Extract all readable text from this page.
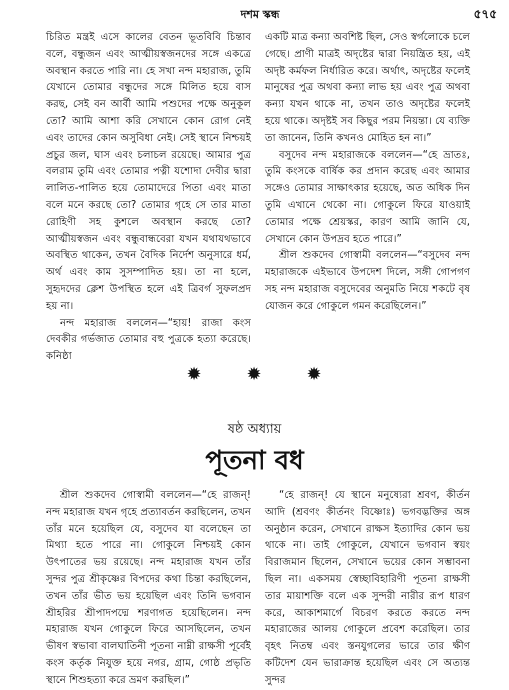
দশম স্কন্ধ	৫৭৫

চিরিত মন্ত্রই এসে কালের বেতন ভূতবিবি চিন্তাব বলে, বন্ধুজন এবং আত্মীয়স্বজনদের সঙ্গে একত্রে অবস্থান করতে পারি না। হে সখা নন্দ মহারাজ, তুমি যেখানে তোমার বন্ধুদের সঙ্গে মিলিত হয়ে বাস করছ, সেই বন আর্বী আমি পশুদের পক্ষে অনুকূল তো? আমি আশা করি সেখানে কোন রোগ নেই এবং তাদের কোন অসুবিধা নেই। সেই স্থানে নিশ্চয়ই প্রচুর জল, ঘাস এবং চলাচল রয়েছে। আমার পুত্র বলরাম তুমি এবং তোমার পত্নী যশোদা দেবীর দ্বারা লালিত-পালিত হয়ে তোমাদেরে পিতা এবং মাতা বলে মনে করছে তো? তোমার গৃহে সে তার মাতা রোহিণী সহ কুশলে অবস্থান করছে তো? আত্মীয়স্বজন এবং বন্ধুবান্ধবেরা যখন যথাযথভাবে অবস্থিত থাকেন, তখন বৈদিক নির্দেশ অনুসারে ধর্ম, অর্থ এবং কাম সুসম্পাদিত হয়। তা না হলে, সুহৃদদের ক্লেশ উপস্থিত হলে এই ত্রিবর্গ সুফলপ্রদ হয় না।

নন্দ মহারাজ বললেন—“হায়! রাজা কংস দেবকীর গর্ভজাত তোমার বহু পুত্রকে হত্যা করেছে। কনিষ্ঠা

একটি মাত্র কন্যা অবশিষ্ট ছিল, সেও স্বর্গলোকে চলে গেছে। প্রাণী মাত্রই অদৃষ্টের দ্বারা নিয়ন্ত্রিত হয়, এই অদৃষ্ট কর্মফল নির্ধারিত করে। অর্থাৎ, অদৃষ্টের ফলেই মানুষের পুত্র অথবা কন্যা লাভ হয় এবং পুত্র অথবা কন্যা যখন থাকে না, তখন তাও অদৃষ্টের ফলেই হয়ে থাকে। অদৃষ্টই সব কিছুর পরম নিয়ন্তা। যে ব্যক্তি তা জানেন, তিনি কখনও মোহিত হন না।”

বসুদেব নন্দ মহারাজকে বললেন—“হে ভ্রাতঃ, তুমি কংসকে বার্ষিক কর প্রদান করেছ এবং আমার সঙ্গেও তোমার সাক্ষাৎকার হয়েছে, অত অধিক দিন তুমি এখানে থেকো না। গোকুলে ফিরে যাওয়াই তোমার পক্ষে শ্রেয়স্কর, কারণ আমি জানি যে, সেখানে কোন উপদ্রব হতে পারে।”

শ্রীল শুকদেব গোস্বামী বললেন—“বসুদেব নন্দ মহারাজকে এইভাবে উপদেশ দিলে, সঙ্গী গোপগণ সহ নন্দ মহারাজ বসুদেবের অনুমতি নিয়ে শকটে বৃষ যোজন করে গোকুলে গমন করেছিলেন।”

✹ ✹ ✹
ষষ্ঠ অধ্যায়
পূতনা বধ

শ্রীল শুকদেব গোস্বামী বললেন—“হে রাজন্‌! নন্দ মহারাজ যখন গৃহে প্রত্যাবর্তন করছিলেন, তখন তাঁর মনে হয়েছিল যে, বসুদেব যা বলেছেন তা মিথ্যা হতে পারে না। গোকুলে নিশ্চয়ই কোন উৎপাতের ভয় রয়েছে। নন্দ মহারাজ যখন তাঁর সুন্দর পুত্র শ্রীকৃষ্ণের বিপদের কথা চিন্তা করছিলেন, তখন তাঁর ভীত ভয় হয়েছিল এবং তিনি ভগবান শ্রীহরির শ্রীপাদপদ্মে শরণাগত হয়েছিলেন। নন্দ মহারাজ যখন গোকুলে ফিরে আসছিলেন, তখন ভীষণ স্বভাবা বালঘাতিনী পূতনা নাম্নী রাক্ষসী পূর্বেই কংস কর্তৃক নিযুক্ত হয়ে নগর, গ্রাম, গোষ্ঠ প্রভৃতি স্থানে শিশুহত্যা করে ভ্রমণ করছিল।”

“হে রাজন্‌! যে স্থানে মনুষ্যেরা শ্রবণ, কীর্তন আদি (শ্রবণং কীর্তনং বিষ্ণোঃ) ভগবদ্ভক্তির অঙ্গ অনুষ্ঠান করেন, সেখানে রাক্ষস ইত্যাদির কোন ভয় থাকে না। তাই গোকুলে, যেখানে ভগবান স্বয়ং বিরাজমান ছিলেন, সেখানে ভয়ের কোন সম্ভাবনা ছিল না। একসময় স্বেচ্ছাবিহারিণী পূতনা রাক্ষসী তার মায়াশক্তি বলে এক সুন্দরী নারীর রূপ ধারণ করে, আকাশমার্গে বিচরণ করতে করতে নন্দ মহারাজের আলয় গোকুলে প্রবেশ করেছিল। তার বৃহৎ নিতম্ব এবং স্তনযুগলের ভারে তার ক্ষীণ কটিদেশ যেন ভারাক্রান্ত হয়েছিল এবং সে অত্যন্ত সুন্দর
